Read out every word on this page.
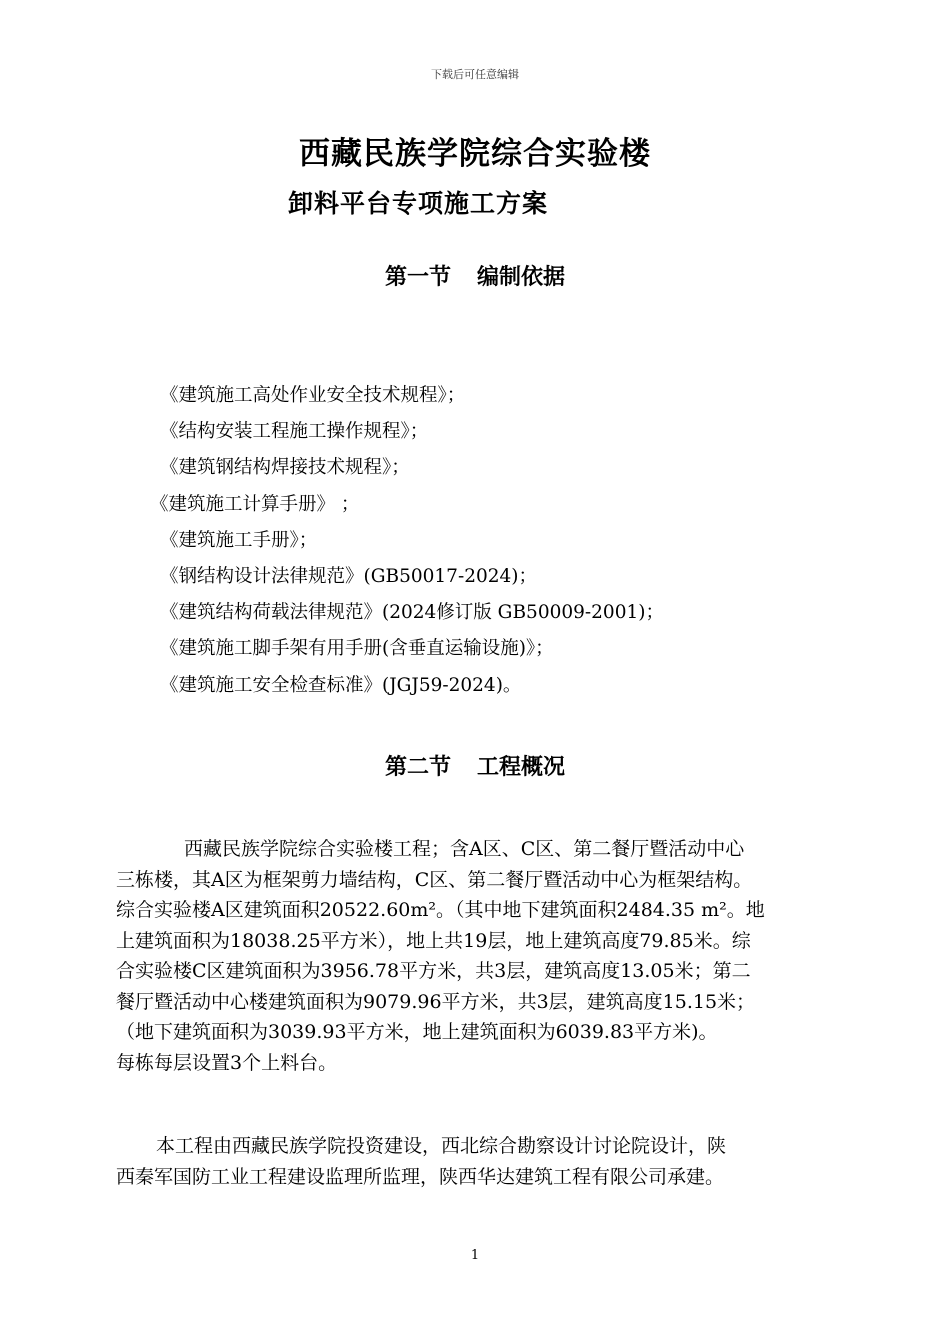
下载后可任意编辑
西藏民族学院综合实验楼
卸料平台专项施工方案
第一节 编制依据
《建筑施工高处作业安全技术规程》；
《结构安装工程施工操作规程》；
《建筑钢结构焊接技术规程》；
《建筑施工计算手册》 ；
《建筑施工手册》；
《钢结构设计法律规范》(GB50017-2024)；
《建筑结构荷载法律规范》(2024修订版 GB50009-2001)；
《建筑施工脚手架有用手册(含垂直运输设施)》；
《建筑施工安全检查标准》(JGJ59-2024)。
第二节 工程概况
西藏民族学院综合实验楼工程；含A区、C区、第二餐厅暨活动中心
三栋楼，其A区为框架剪力墙结构，C区、第二餐厅暨活动中心为框架结构。
综合实验楼A区建筑面积20522.60m²。（其中地下建筑面积2484.35 m²。地
上建筑面积为18038.25平方米），地上共19层，地上建筑高度79.85米。综
合实验楼C区建筑面积为3956.78平方米，共3层，建筑高度13.05米；第二
餐厅暨活动中心楼建筑面积为9079.96平方米，共3层，建筑高度15.15米；
（地下建筑面积为3039.93平方米，地上建筑面积为6039.83平方米)。
每栋每层设置3个上料台。
本工程由西藏民族学院投资建设，西北综合勘察设计讨论院设计，陕
西秦军国防工业工程建设监理所监理，陕西华达建筑工程有限公司承建。
1
